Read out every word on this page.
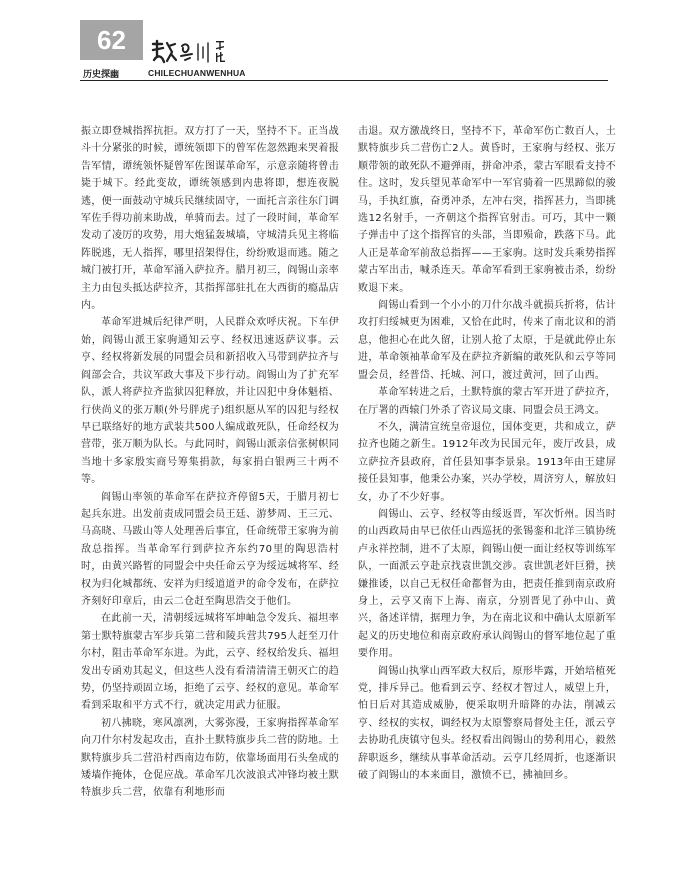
62
历史探幽	CHILECHUANWENHUA

振立即登城指挥抗拒。双方打了一天，坚持不下。正当战斗十分紧张的时候，谭统领即下的曾军佐忽然跑来哭着报告军情，谭统领怀疑曾军佐图谋革命军，示意亲随将曾击毙于城下。经此变故，谭统领感到内患将即，想连夜脱逃，便一面鼓动守城兵民继续固守，一面托言亲往东门调军佐手得功前来助战，单骑而去。过了一段时间，革命军发动了凌厉的攻势，用大炮猛轰城墙，守城清兵见主将临阵脱逃，无人指挥，哪里招架得住，纷纷败退而逃。随之城门被打开，革命军涌入萨拉齐。腊月初三，阎锡山亲率主力由包头抵达萨拉齐，其指挥部驻扎在大西街的瘾晶店内。

革命军进城后纪律严明，人民群众欢呼庆祝。下车伊始，阎锡山派王家驹通知云亨、经权迅速返萨议事。云亨、经权将新发展的同盟会员和新招收入马带到萨拉齐与阎部会合，共议军政大事及下步行动。阎锡山为了扩充军队，派人将萨拉齐监狱囚犯释放，并让囚犯中身体魁梧、行侠尚义的张万顺(外号胖虎子)组织愿从军的囚犯与经权早已联络好的地方武装共500人编成敢死队，任命经权为营带，张万顺为队长。与此同时，阎锡山派亲信张树帜同当地十多家殷实商号筹集捐款，每家捐白银两三十两不等。

阎锡山率领的革命军在萨拉齐停留5天，于腊月初七起兵东进。出发前责成同盟会员王廷、游梦周、王三元、马高晓、马跋山等人处理善后事宜，任命统带王家驹为前敌总指挥。当革命军行到萨拉齐东约70里的陶思浩村时，由黄兴路暂的同盟会中央任命云亨为绥远城将军、经权为归化城都统、安祥为归绥道道尹的命令发布，在萨拉齐刻好印章后，由云二仓赶至陶思浩交于他们。

在此前一天，清朝绥远城将军坤岫急令发兵、福坦率第士默特旗蒙古军步兵第二营和陵兵营共795人赶至刀什尔村，阻击革命军东进。为此，云亨、经权给发兵、福坦发出专函劝其起义，但这些人没有看清清清王朝灭亡的趋势，仍坚持顽固立场，拒绝了云亨、经权的意见。革命军看到采取和平方式不行，就决定用武力征服。

初八拂晓，寒风凛冽，大雾弥漫，王家驹指挥革命军向刀什尔村发起攻击，直扑土默特旗步兵二营的防地。土默特旗步兵二营沿村西南边布防，依靠场面用石头垒成的矮墙作掩体，仓促应战。革命军几次波浪式冲锋均被土默特旗步兵二营，依靠有利地形而

击退。双方激战终日，坚持不下，革命军伤亡数百人，土默特旗步兵二营伤亡2人。黄昏时，王家驹与经权、张万顺带领的敢死队不避弹雨，拼命冲杀，蒙古军眼看支持不住。这时，发兵望见革命军中一军官骑着一匹黑蹄似的骏马，手执红旗，奋勇冲杀，左冲右突，指挥甚力，当即挑选12名射手，一齐朝这个指挥官射击。可巧，其中一颗子弹击中了这个指挥官的头部，当即殒命，跌落下马。此人正是革命军前敌总指挥——王家驹。这时发兵乘势指挥蒙古军出击，喊杀连天。革命军看到王家驹被击杀，纷纷败退下来。

阎锡山看到一个小小的刀什尔战斗就损兵折将，估计攻打归绥城更为困难，又恰在此时，传来了南北议和的消息，他担心在此久留，让别人抢了太原，于是就此停止东进，革命领袖革命军及在萨拉齐新编的敢死队和云亨等同盟会员，经普岱、托城、河口，渡过黄河，回了山西。

革命军转进之后，土默特旗的蒙古军开进了萨拉齐，在厅署的西辕门外杀了咨议局文康、同盟会员王鸿文。

不久，满清宣统皇帝退位，国体变更，共和成立，萨拉齐也随之新生。1912年改为民国元年，废厅改县，成立萨拉齐县政府，首任县知事李景泉。1913年由王建屏接任县知事，他秉公办案，兴办学校，周济穷人，解放妇女，办了不少好事。

阎锡山、云亨、经权等由绥返晋，军次忻州。因当时的山西政局由早已依任山西巡抚的张锡銮和北洋三镇协统卢永祥控制，进不了太原，阎锡山便一面让经权等训练军队，一面派云亨赴京找袁世凯交涉。袁世凯老奸巨猾，挟嫌推诿，以自己无权任命都督为由，把责任推到南京政府身上，云亨又南下上海、南京，分别晋见了孙中山、黄兴，备述详情，据理力争，为在南北议和中确认太原新军起义的历史地位和南京政府承认阎锡山的督军地位起了重要作用。

阎锡山执掌山西军政大权后，原形毕露，开始培植死党，排斥异己。他看到云亨、经权才智过人，威望上升，怕日后对其造成威胁，便采取明升暗降的办法，削减云亨、经权的实权，调经权为太原警察局督处主任，派云亨去协助孔庚镇守包头。经权看出阎锡山的势利用心，毅然辞职返乡，继续从事革命活动。云亨几经周折，也逐渐识破了阎锡山的本来面目，激愤不已，拂袖回乡。
